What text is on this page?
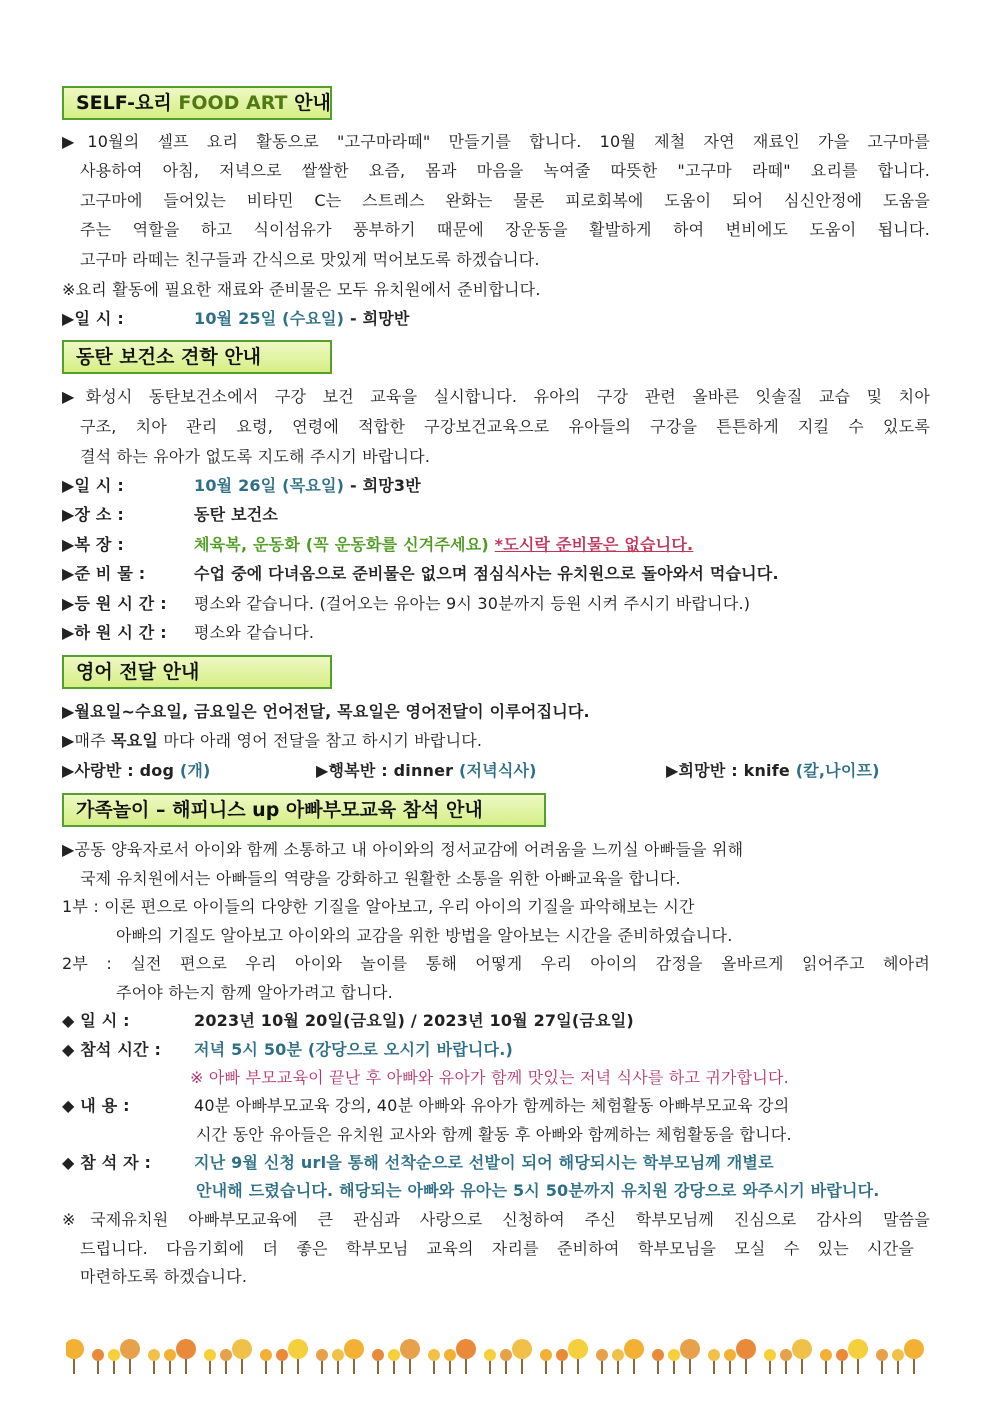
SELF-요리 FOOD ART 안내
▶10월의 셀프 요리 활동으로 "고구마라떼" 만들기를 합니다. 10월 제철 자연 재료인 가을 고구마를
사용하여 아침, 저녁으로 쌀쌀한 요즘, 몸과 마음을 녹여줄 따뜻한 "고구마 라떼" 요리를 합니다.
고구마에 들어있는 비타민 C는 스트레스 완화는 물론 피로회복에 도움이 되어 심신안정에 도움을
주는 역할을 하고 식이섬유가 풍부하기 때문에 장운동을 활발하게 하여 변비에도 도움이 됩니다.
고구마 라떼는 친구들과 간식으로 맛있게 먹어보도록 하겠습니다.
※요리 활동에 필요한 재료와 준비물은 모두 유치원에서 준비합니다.
▶일 시 :	10월 25일 (수요일) - 희망반
동탄 보건소 견학 안내
▶화성시 동탄보건소에서 구강 보건 교육을 실시합니다. 유아의 구강 관련 올바른 잇솔질 교습 및 치아
구조, 치아 관리 요령, 연령에 적합한 구강보건교육으로 유아들의 구강을 튼튼하게 지킬 수 있도록
결석 하는 유아가 없도록 지도해 주시기 바랍니다.
▶일 시 :	10월 26일 (목요일) - 희망3반
▶장 소 :	동탄 보건소
▶복 장 :	체육복, 운동화 (꼭 운동화를 신겨주세요) *도시락 준비물은 없습니다.
▶준 비 물 :	수업 중에 다녀옴으로 준비물은 없으며 점심식사는 유치원으로 돌아와서 먹습니다.
▶등 원 시 간 : 평소와 같습니다. (걸어오는 유아는 9시 30분까지 등원 시켜 주시기 바랍니다.)
▶하 원 시 간 : 평소와 같습니다.
영어 전달 안내
▶월요일~수요일, 금요일은 언어전달, 목요일은 영어전달이 이루어집니다.
▶매주 목요일 마다 아래 영어 전달을 참고 하시기 바랍니다.
▶사랑반 : dog (개)	▶행복반 : dinner (저녁식사)	▶희망반 : knife (칼,나이프)
가족놀이 – 해피니스 up 아빠부모교육 참석 안내
▶공동 양육자로서 아이와 함께 소통하고 내 아이와의 정서교감에 어려움을 느끼실 아빠들을 위해
국제 유치원에서는 아빠들의 역량을 강화하고 원활한 소통을 위한 아빠교육을 합니다.
1부 : 이론 편으로 아이들의 다양한 기질을 알아보고, 우리 아이의 기질을 파악해보는 시간
아빠의 기질도 알아보고 아이와의 교감을 위한 방법을 알아보는 시간을 준비하였습니다.
2부 : 실전 편으로 우리 아이와 놀이를 통해 어떻게 우리 아이의 감정을 올바르게 읽어주고 헤아려
주어야 하는지 함께 알아가려고 합니다.
◆ 일 시 :	2023년 10월 20일(금요일) / 2023년 10월 27일(금요일)
◆ 참석 시간 : 저녁 5시 50분 (강당으로 오시기 바랍니다.)
※ 아빠 부모교육이 끝난 후 아빠와 유아가 함께 맛있는 저녁 식사를 하고 귀가합니다.
◆ 내 용 :	40분 아빠부모교육 강의, 40분 아빠와 유아가 함께하는 체험활동 아빠부모교육 강의
시간 동안 유아들은 유치원 교사와 함께 활동 후 아빠와 함께하는 체험활동을 합니다.
◆ 참 석 자 :	지난 9월 신청 url을 통해 선착순으로 선발이 되어 해당되시는 학부모님께 개별로
안내해 드렸습니다. 해당되는 아빠와 유아는 5시 50분까지 유치원 강당으로 와주시기 바랍니다.
※국제유치원 아빠부모교육에 큰 관심과 사랑으로 신청하여 주신 학부모님께 진심으로 감사의 말씀을
드립니다. 다음기회에 더 좋은 학부모님 교육의 자리를 준비하여 학부모님을 모실 수 있는 시간을
마련하도록 하겠습니다.
